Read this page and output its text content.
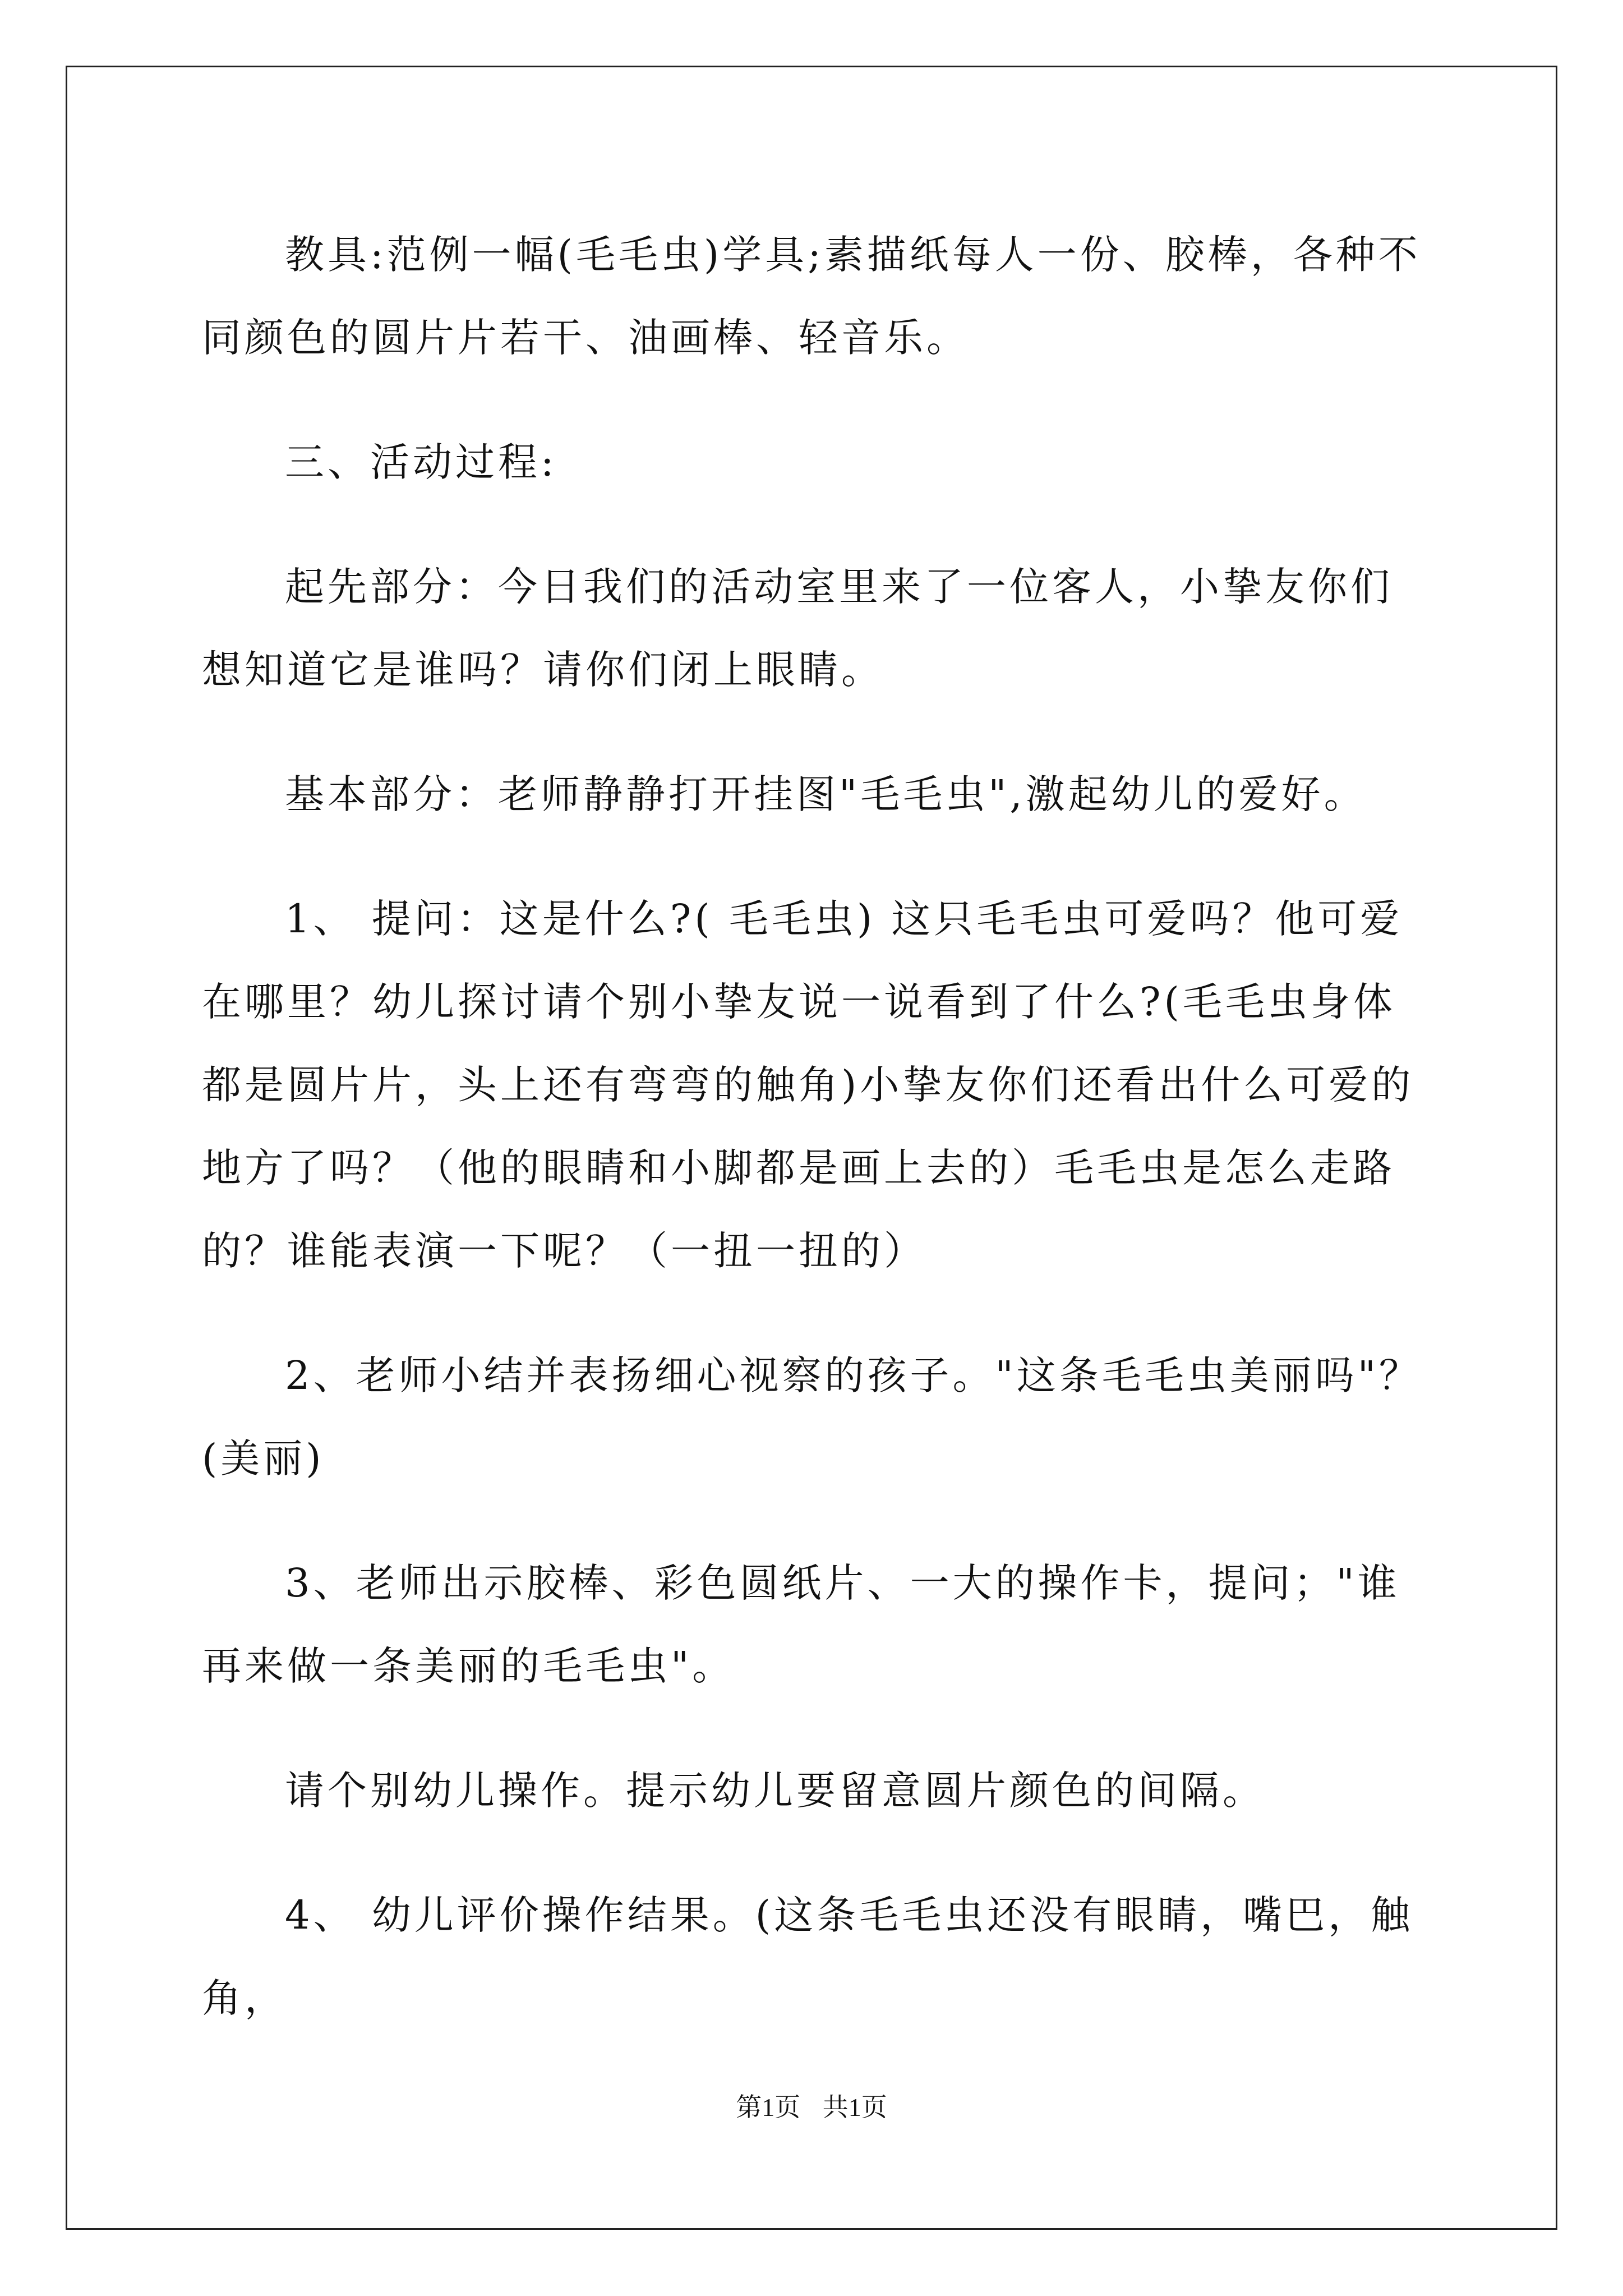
教具:范例一幅(毛毛虫)学具;素描纸每人一份、胶棒，各种不同颜色的圆片片若干、油画棒、轻音乐。

三、活动过程:

起先部分：今日我们的活动室里来了一位客人，小挚友你们想知道它是谁吗？请你们闭上眼睛。

基本部分：老师静静打开挂图"毛毛虫",激起幼儿的爱好。

1、 提问：这是什么?( 毛毛虫) 这只毛毛虫可爱吗？他可爱在哪里？幼儿探讨请个别小挚友说一说看到了什么?(毛毛虫身体都是圆片片，头上还有弯弯的触角)小挚友你们还看出什么可爱的地方了吗？（他的眼睛和小脚都是画上去的）毛毛虫是怎么走路的？谁能表演一下呢？（一扭一扭的）

2、老师小结并表扬细心视察的孩子。"这条毛毛虫美丽吗"？(美丽)

3、老师出示胶棒、彩色圆纸片、一大的操作卡，提问；"谁再来做一条美丽的毛毛虫"。

请个别幼儿操作。提示幼儿要留意圆片颜色的间隔。

4、 幼儿评价操作结果。(这条毛毛虫还没有眼睛，嘴巴，触角，

第1页 共1页
